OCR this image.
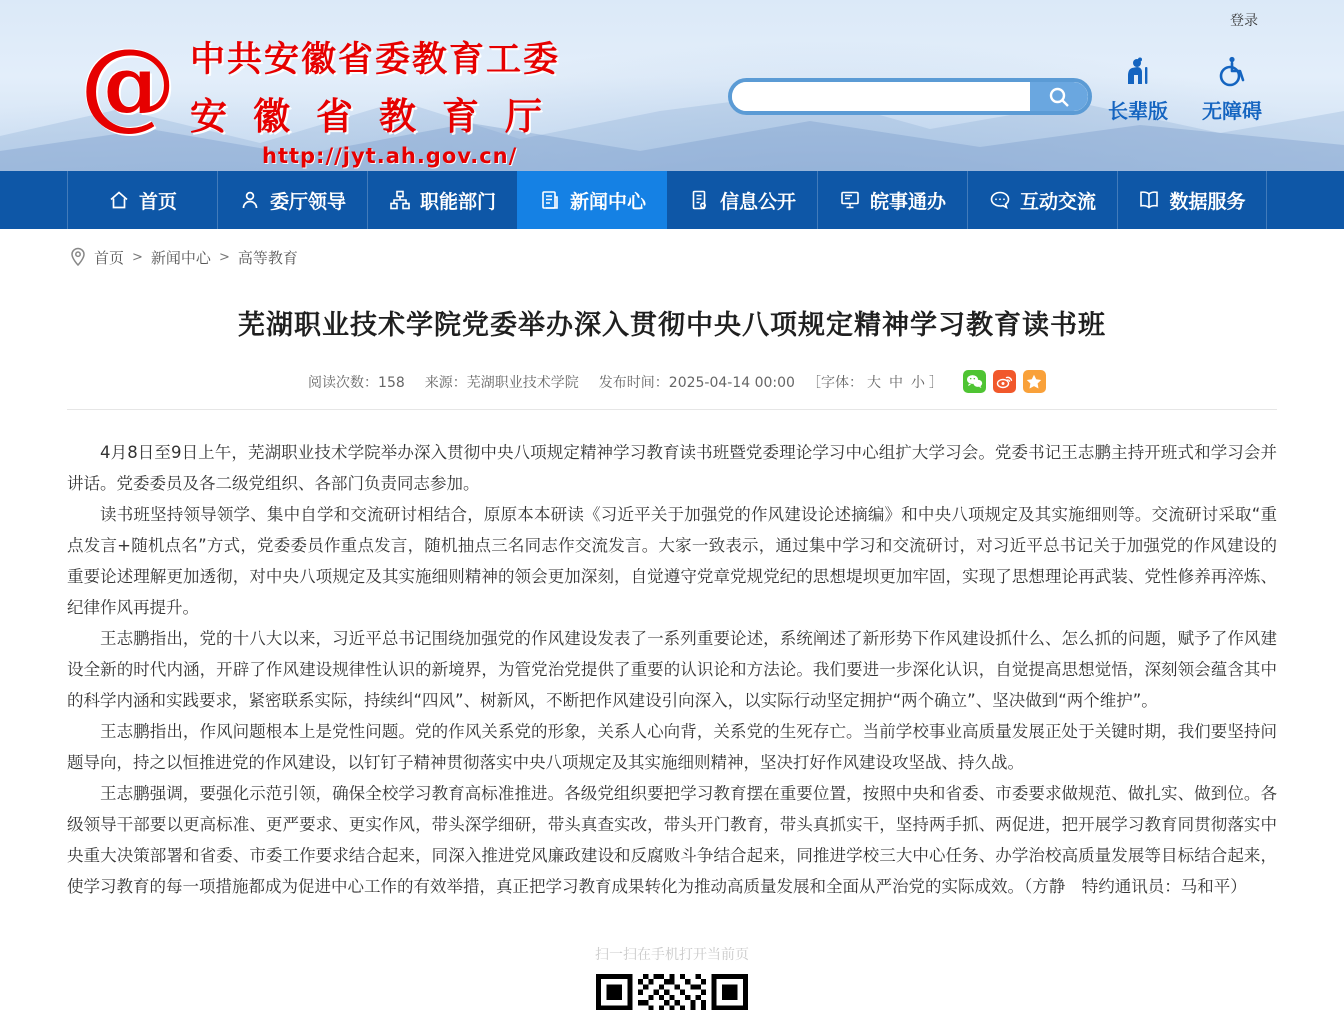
登录
@ 中共安徽省委教育工委
安徽省教育厅
http://jyt.ah.gov.cn/
长辈版 无障碍
首页	委厅领导	职能部门	新闻中心	信息公开	皖事通办	互动交流	数据服务
首页 > 新闻中心 > 高等教育
芜湖职业技术学院党委举办深入贯彻中央八项规定精神学习教育读书班
阅读次数：158 来源：芜湖职业技术学院 发布时间：2025-04-14 00:00 ［字体： 大 中 小 ］

4月8日至9日上午，芜湖职业技术学院举办深入贯彻中央八项规定精神学习教育读书班暨党委理论学习中心组扩大学习会。党委书记王志鹏主持开班式和学习会并讲话。党委委员及各二级党组织、各部门负责同志参加。

读书班坚持领导领学、集中自学和交流研讨相结合，原原本本研读《习近平关于加强党的作风建设论述摘编》和中央八项规定及其实施细则等。交流研讨采取“重点发言+随机点名”方式，党委委员作重点发言，随机抽点三名同志作交流发言。大家一致表示，通过集中学习和交流研讨，对习近平总书记关于加强党的作风建设的重要论述理解更加透彻，对中央八项规定及其实施细则精神的领会更加深刻，自觉遵守党章党规党纪的思想堤坝更加牢固，实现了思想理论再武装、党性修养再淬炼、纪律作风再提升。

王志鹏指出，党的十八大以来，习近平总书记围绕加强党的作风建设发表了一系列重要论述，系统阐述了新形势下作风建设抓什么、怎么抓的问题，赋予了作风建设全新的时代内涵，开辟了作风建设规律性认识的新境界，为管党治党提供了重要的认识论和方法论。我们要进一步深化认识，自觉提高思想觉悟，深刻领会蕴含其中的科学内涵和实践要求，紧密联系实际，持续纠“四风”、树新风，不断把作风建设引向深入，以实际行动坚定拥护“两个确立”、坚决做到“两个维护”。

王志鹏指出，作风问题根本上是党性问题。党的作风关系党的形象，关系人心向背，关系党的生死存亡。当前学校事业高质量发展正处于关键时期，我们要坚持问题导向，持之以恒推进党的作风建设，以钉钉子精神贯彻落实中央八项规定及其实施细则精神，坚决打好作风建设攻坚战、持久战。

王志鹏强调，要强化示范引领，确保全校学习教育高标准推进。各级党组织要把学习教育摆在重要位置，按照中央和省委、市委要求做规范、做扎实、做到位。各级领导干部要以更高标准、更严要求、更实作风，带头深学细研，带头真查实改，带头开门教育，带头真抓实干，坚持两手抓、两促进，把开展学习教育同贯彻落实中央重大决策部署和省委、市委工作要求结合起来，同深入推进党风廉政建设和反腐败斗争结合起来，同推进学校三大中心任务、办学治校高质量发展等目标结合起来，使学习教育的每一项措施都成为促进中心工作的有效举措，真正把学习教育成果转化为推动高质量发展和全面从严治党的实际成效。（方静　特约通讯员：马和平）

扫一扫在手机打开当前页
